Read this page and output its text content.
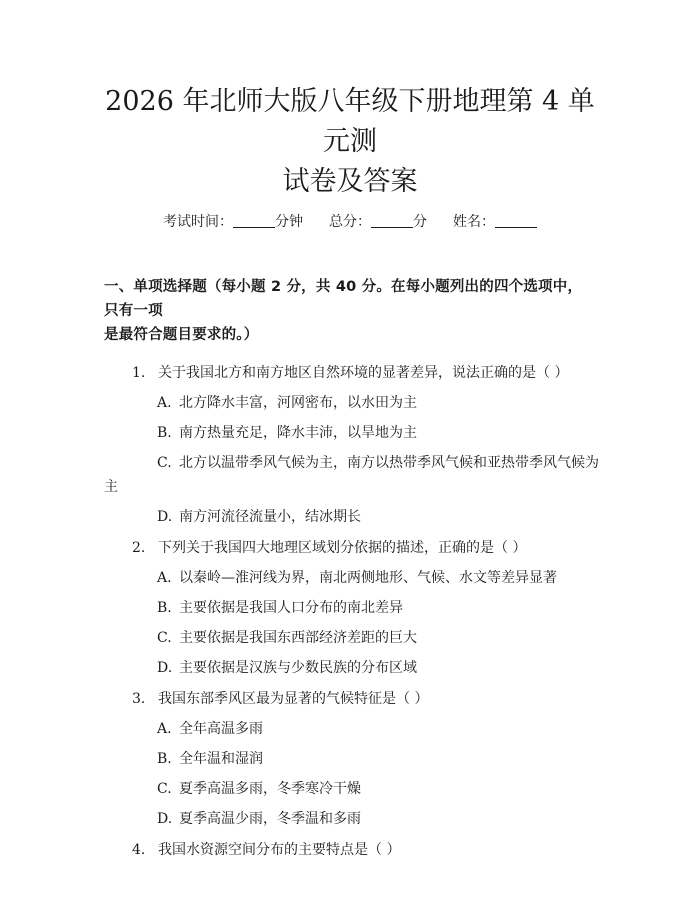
2026 年北师大版八年级下册地理第 4 单元测
试卷及答案
考试时间：	分钟 总分：	分 姓名：
一、单项选择题（每小题 2 分，共 40 分。在每小题列出的四个选项中，只有一项
是最符合题目要求的。）
1. 关于我国北方和南方地区自然环境的显著差异，说法正确的是（ ）
A. 北方降水丰富，河网密布，以水田为主
B. 南方热量充足，降水丰沛，以旱地为主
C. 北方以温带季风气候为主，南方以热带季风气候和亚热带季风气候为
主
D. 南方河流径流量小，结冰期长
2. 下列关于我国四大地理区域划分依据的描述，正确的是（ ）
A. 以秦岭—淮河线为界，南北两侧地形、气候、水文等差异显著
B. 主要依据是我国人口分布的南北差异
C. 主要依据是我国东西部经济差距的巨大
D. 主要依据是汉族与少数民族的分布区域
3. 我国东部季风区最为显著的气候特征是（ ）
A. 全年高温多雨
B. 全年温和湿润
C. 夏季高温多雨，冬季寒冷干燥
D. 夏季高温少雨，冬季温和多雨
4. 我国水资源空间分布的主要特点是（ ）
